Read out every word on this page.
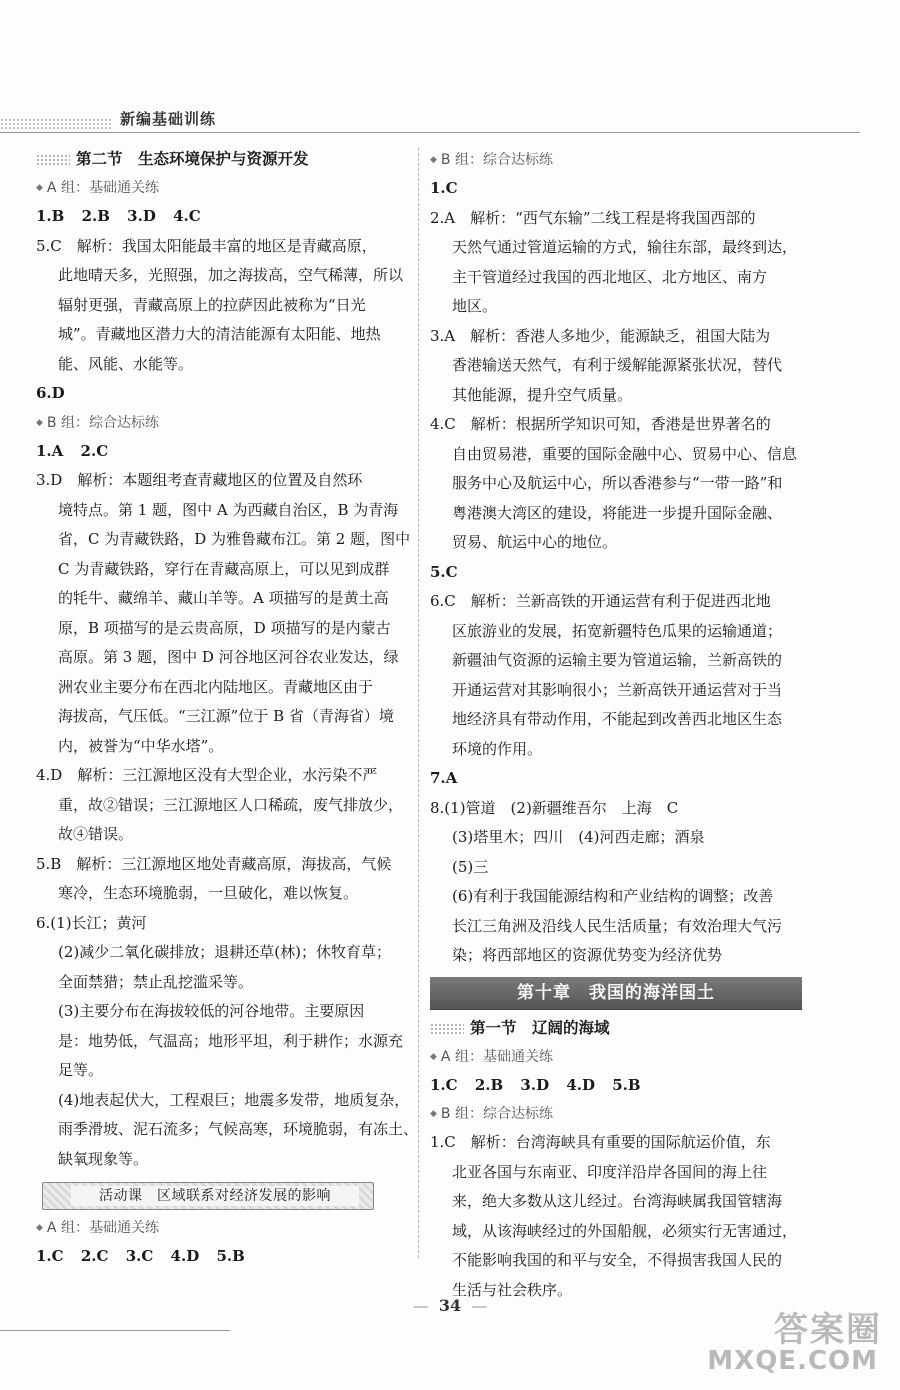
新编基础训练
第二节　生态环境保护与资源开发
◆ A 组：基础通关练
1.B 2.B 3.D 4.C
5.C　解析：我国太阳能最丰富的地区是青藏高原，
此地晴天多，光照强，加之海拔高，空气稀薄，所以
辐射更强，青藏高原上的拉萨因此被称为“日光
城”。青藏地区潜力大的清洁能源有太阳能、地热
能、风能、水能等。
6.D
◆ B 组：综合达标练
1.A 2.C
3.D　解析：本题组考查青藏地区的位置及自然环
境特点。第 1 题，图中 A 为西藏自治区，B 为青海
省，C 为青藏铁路，D 为雅鲁藏布江。第 2 题，图中
C 为青藏铁路，穿行在青藏高原上，可以见到成群
的牦牛、藏绵羊、藏山羊等。A 项描写的是黄土高
原，B 项描写的是云贵高原，D 项描写的是内蒙古
高原。第 3 题，图中 D 河谷地区河谷农业发达，绿
洲农业主要分布在西北内陆地区。青藏地区由于
海拔高，气压低。“三江源”位于 B 省（青海省）境
内，被誉为“中华水塔”。
4.D　解析：三江源地区没有大型企业，水污染不严
重，故②错误；三江源地区人口稀疏，废气排放少，
故④错误。
5.B　解析：三江源地区地处青藏高原，海拔高，气候
寒冷，生态环境脆弱，一旦破化，难以恢复。
6.(1)长江；黄河
(2)减少二氧化碳排放；退耕还草(林)；休牧育草；
全面禁猎；禁止乱挖滥采等。
(3)主要分布在海拔较低的河谷地带。主要原因
是：地势低，气温高；地形平坦，利于耕作；水源充
足等。
(4)地表起伏大，工程艰巨；地震多发带，地质复杂，
雨季滑坡、泥石流多；气候高寒，环境脆弱，有冻土、
缺氧现象等。
活动课　区域联系对经济发展的影响
◆ A 组：基础通关练
1.C 2.C 3.C 4.D 5.B
◆ B 组：综合达标练
1.C
2.A　解析：“西气东输”二线工程是将我国西部的
天然气通过管道运输的方式，输往东部，最终到达，
主干管道经过我国的西北地区、北方地区、南方
地区。
3.A　解析：香港人多地少，能源缺乏，祖国大陆为
香港输送天然气，有利于缓解能源紧张状况，替代
其他能源，提升空气质量。
4.C　解析：根据所学知识可知，香港是世界著名的
自由贸易港，重要的国际金融中心、贸易中心、信息
服务中心及航运中心，所以香港参与“一带一路”和
粤港澳大湾区的建设，将能进一步提升国际金融、
贸易、航运中心的地位。
5.C
6.C　解析：兰新高铁的开通运营有利于促进西北地
区旅游业的发展，拓宽新疆特色瓜果的运输通道；
新疆油气资源的运输主要为管道运输，兰新高铁的
开通运营对其影响很小；兰新高铁开通运营对于当
地经济具有带动作用，不能起到改善西北地区生态
环境的作用。
7.A
8.(1)管道　(2)新疆维吾尔　上海　C
(3)塔里木；四川　(4)河西走廊；酒泉
(5)三
(6)有利于我国能源结构和产业结构的调整；改善
长江三角洲及沿线人民生活质量；有效治理大气污
染；将西部地区的资源优势变为经济优势
第十章　我国的海洋国土
第一节　辽阔的海域
◆ A 组：基础通关练
1.C 2.B 3.D 4.D 5.B
◆ B 组：综合达标练
1.C　解析：台湾海峡具有重要的国际航运价值，东
北亚各国与东南亚、印度洋沿岸各国间的海上往
来，绝大多数从这儿经过。台湾海峡属我国管辖海
域，从该海峡经过的外国船舰，必须实行无害通过，
不能影响我国的和平与安全，不得损害我国人民的
生活与社会秩序。
— 34 —
答案圈
MXQE.COM
